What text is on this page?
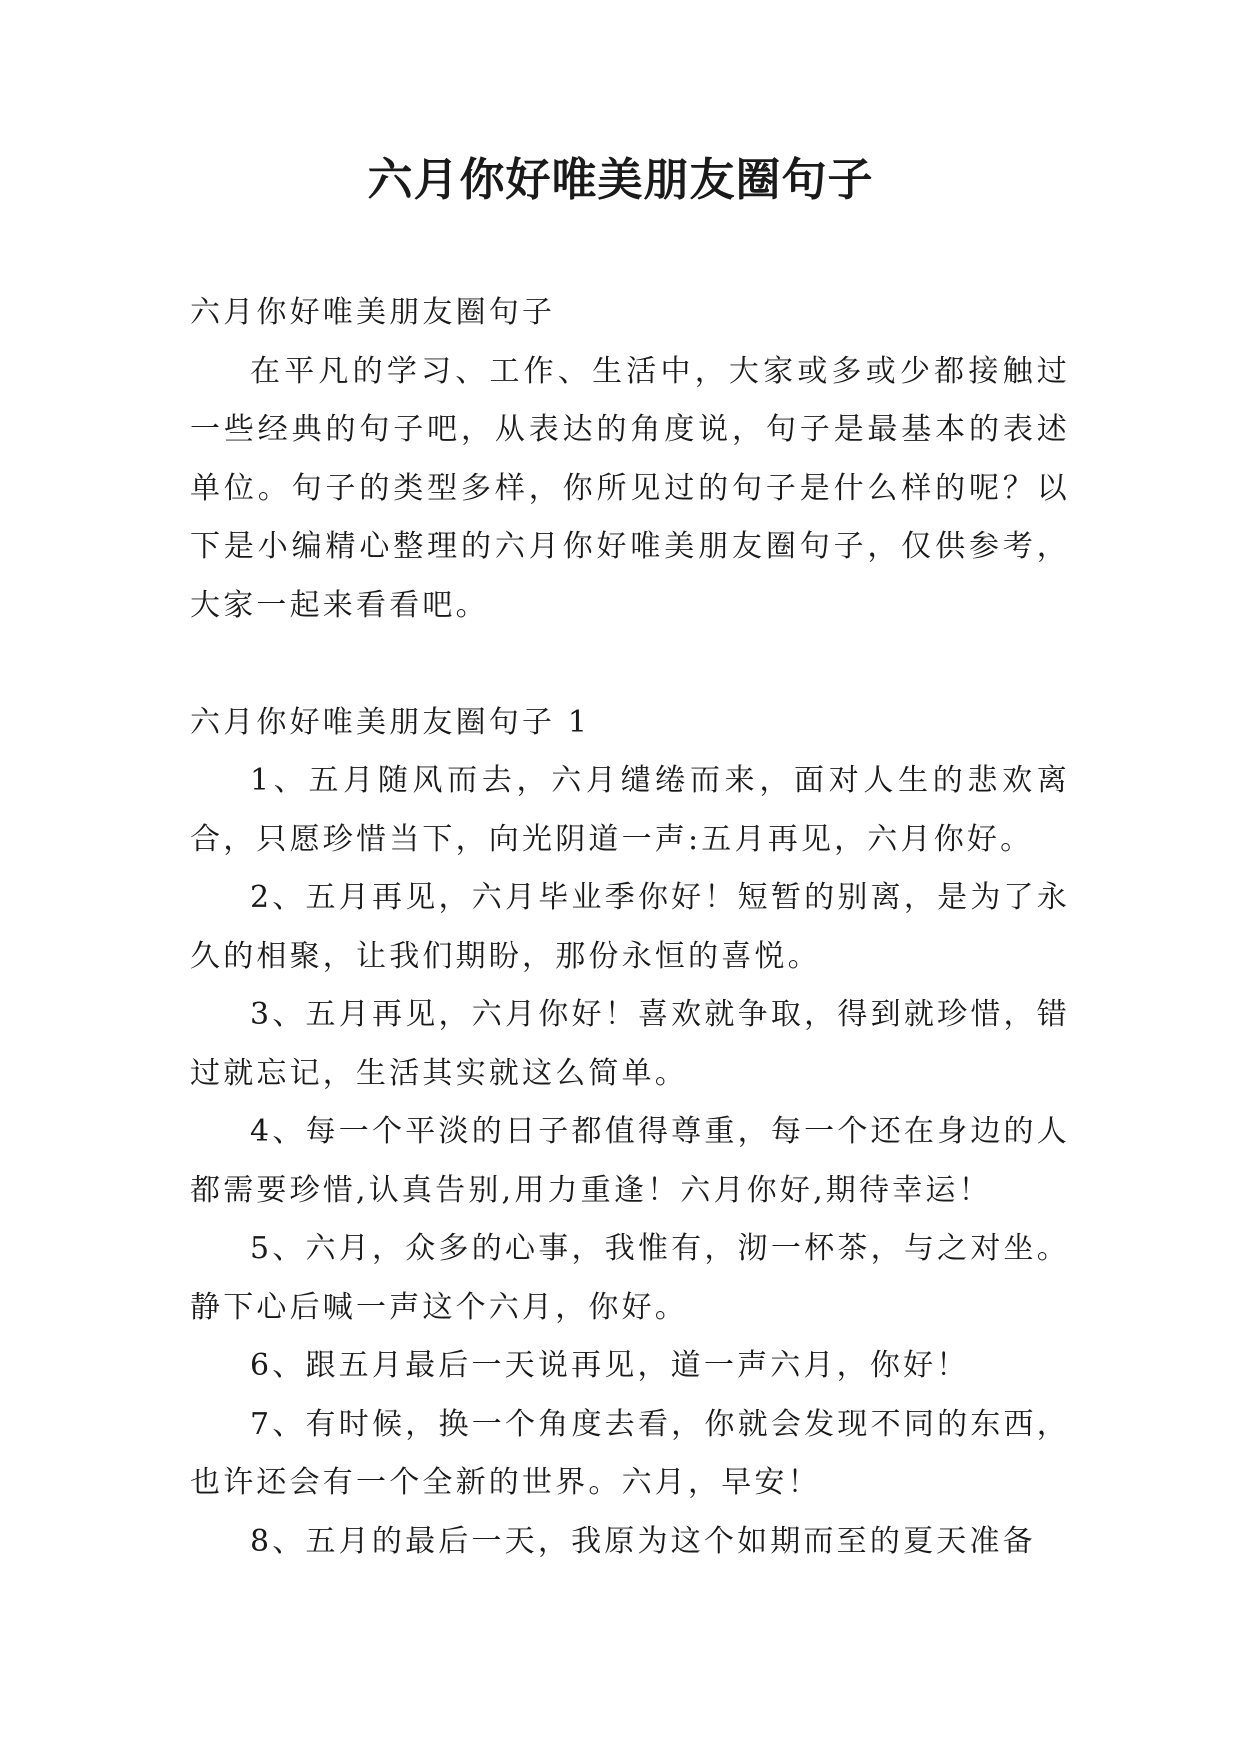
六月你好唯美朋友圈句子

六月你好唯美朋友圈句子

在平凡的学习、工作、生活中，大家或多或少都接触过一些经典的句子吧，从表达的角度说，句子是最基本的表述单位。句子的类型多样，你所见过的句子是什么样的呢？以下是小编精心整理的六月你好唯美朋友圈句子，仅供参考，大家一起来看看吧。

六月你好唯美朋友圈句子 1

1、五月随风而去，六月缱绻而来，面对人生的悲欢离合，只愿珍惜当下，向光阴道一声:五月再见，六月你好。

2、五月再见，六月毕业季你好！短暂的别离，是为了永久的相聚，让我们期盼，那份永恒的喜悦。

3、五月再见，六月你好！喜欢就争取，得到就珍惜，错过就忘记，生活其实就这么简单。

4、每一个平淡的日子都值得尊重，每一个还在身边的人都需要珍惜,认真告别,用力重逢！六月你好,期待幸运！

5、六月，众多的心事，我惟有，沏一杯茶，与之对坐。静下心后喊一声这个六月，你好。

6、跟五月最后一天说再见，道一声六月，你好！

7、有时候，换一个角度去看，你就会发现不同的东西，也许还会有一个全新的世界。六月，早安！

8、五月的最后一天，我原为这个如期而至的夏天准备
